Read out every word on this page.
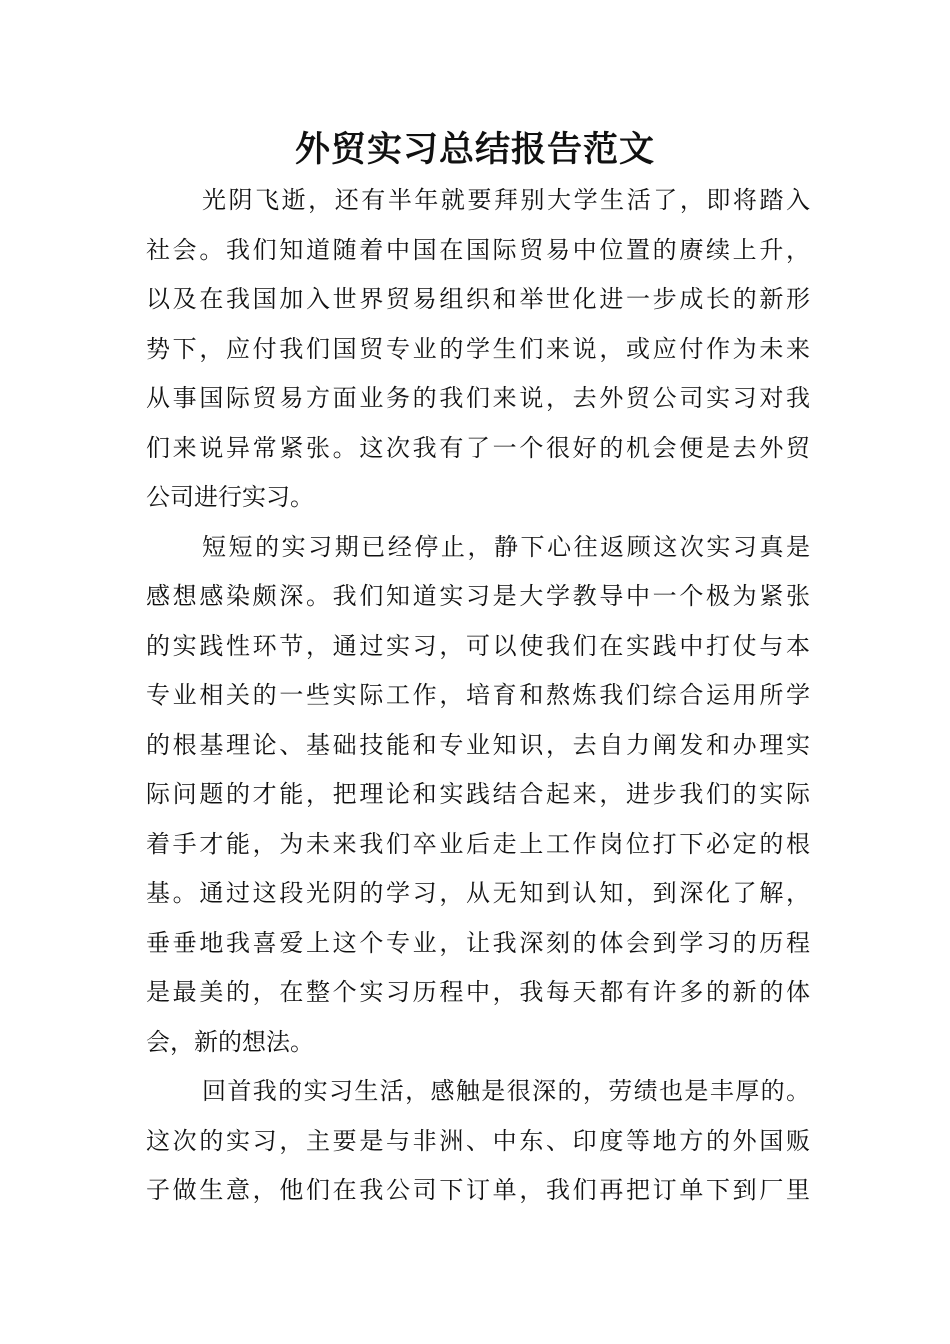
外贸实习总结报告范文

光阴飞逝，还有半年就要拜别大学生活了，即将踏入
社会。我们知道随着中国在国际贸易中位置的赓续上升，
以及在我国加入世界贸易组织和举世化进一步成长的新形
势下，应付我们国贸专业的学生们来说，或应付作为未来
从事国际贸易方面业务的我们来说，去外贸公司实习对我
们来说异常紧张。这次我有了一个很好的机会便是去外贸
公司进行实习。

短短的实习期已经停止，静下心往返顾这次实习真是
感想感染颇深。我们知道实习是大学教导中一个极为紧张
的实践性环节，通过实习，可以使我们在实践中打仗与本
专业相关的一些实际工作，培育和熬炼我们综合运用所学
的根基理论、基础技能和专业知识，去自力阐发和办理实
际问题的才能，把理论和实践结合起来，进步我们的实际
着手才能，为未来我们卒业后走上工作岗位打下必定的根
基。通过这段光阴的学习，从无知到认知，到深化了解，
垂垂地我喜爱上这个专业，让我深刻的体会到学习的历程
是最美的，在整个实习历程中，我每天都有许多的新的体
会，新的想法。

回首我的实习生活，感触是很深的，劳绩也是丰厚的。
这次的实习，主要是与非洲、中东、印度等地方的外国贩
子做生意，他们在我公司下订单，我们再把订单下到厂里
